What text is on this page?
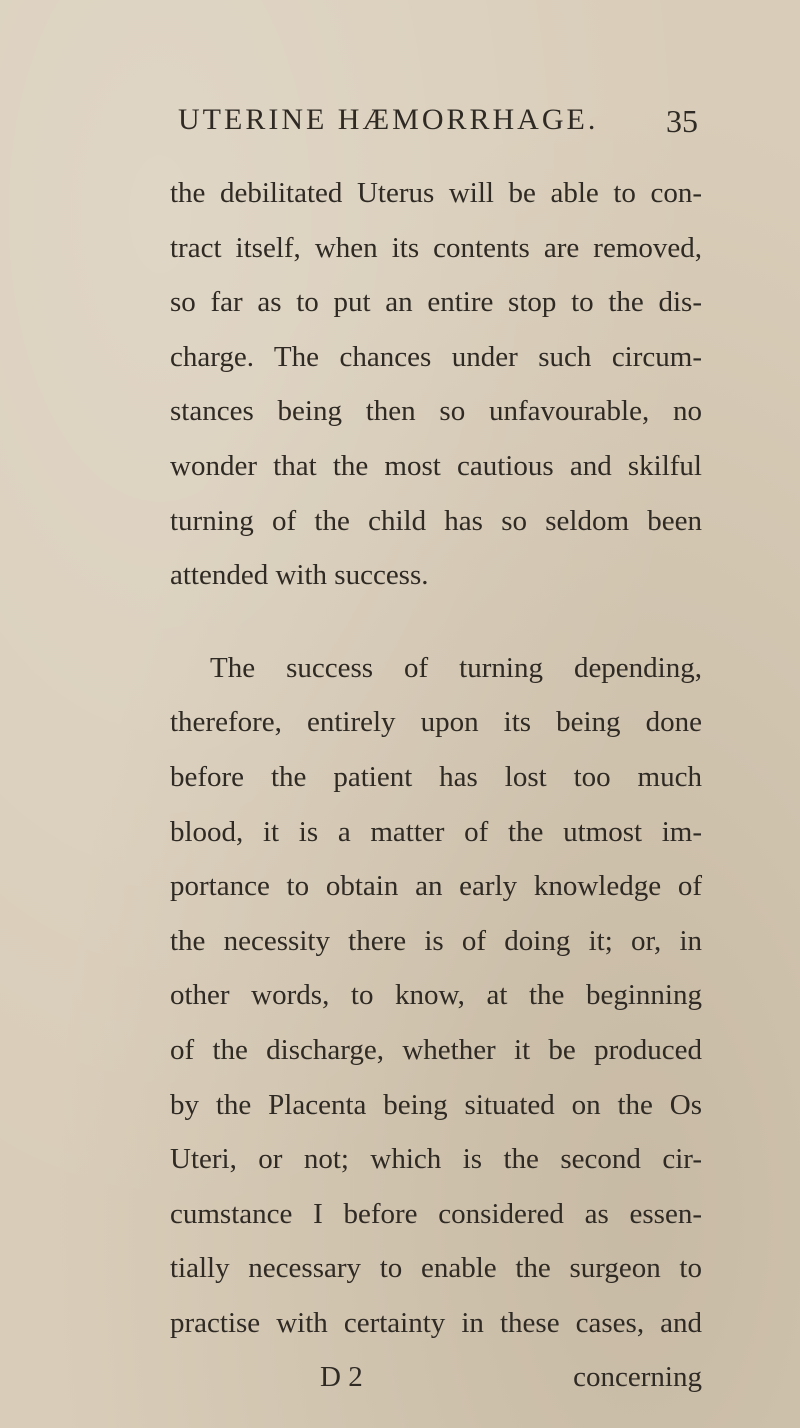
UTERINE HÆMORRHAGE. 35
the debilitated Uterus will be able to con-
tract itself, when its contents are removed,
so far as to put an entire stop to the dis-
charge. The chances under such circum-
stances being then so unfavourable, no
wonder that the most cautious and skilful
turning of the child has so seldom been
attended with success.
The success of turning depending,
therefore, entirely upon its being done
before the patient has lost too much
blood, it is a matter of the utmost im-
portance to obtain an early knowledge of
the necessity there is of doing it; or, in
other words, to know, at the beginning
of the discharge, whether it be produced
by the Placenta being situated on the Os
Uteri, or not; which is the second cir-
cumstance I before considered as essen-
tially necessary to enable the surgeon to
practise with certainty in these cases, and
D 2	concerning
